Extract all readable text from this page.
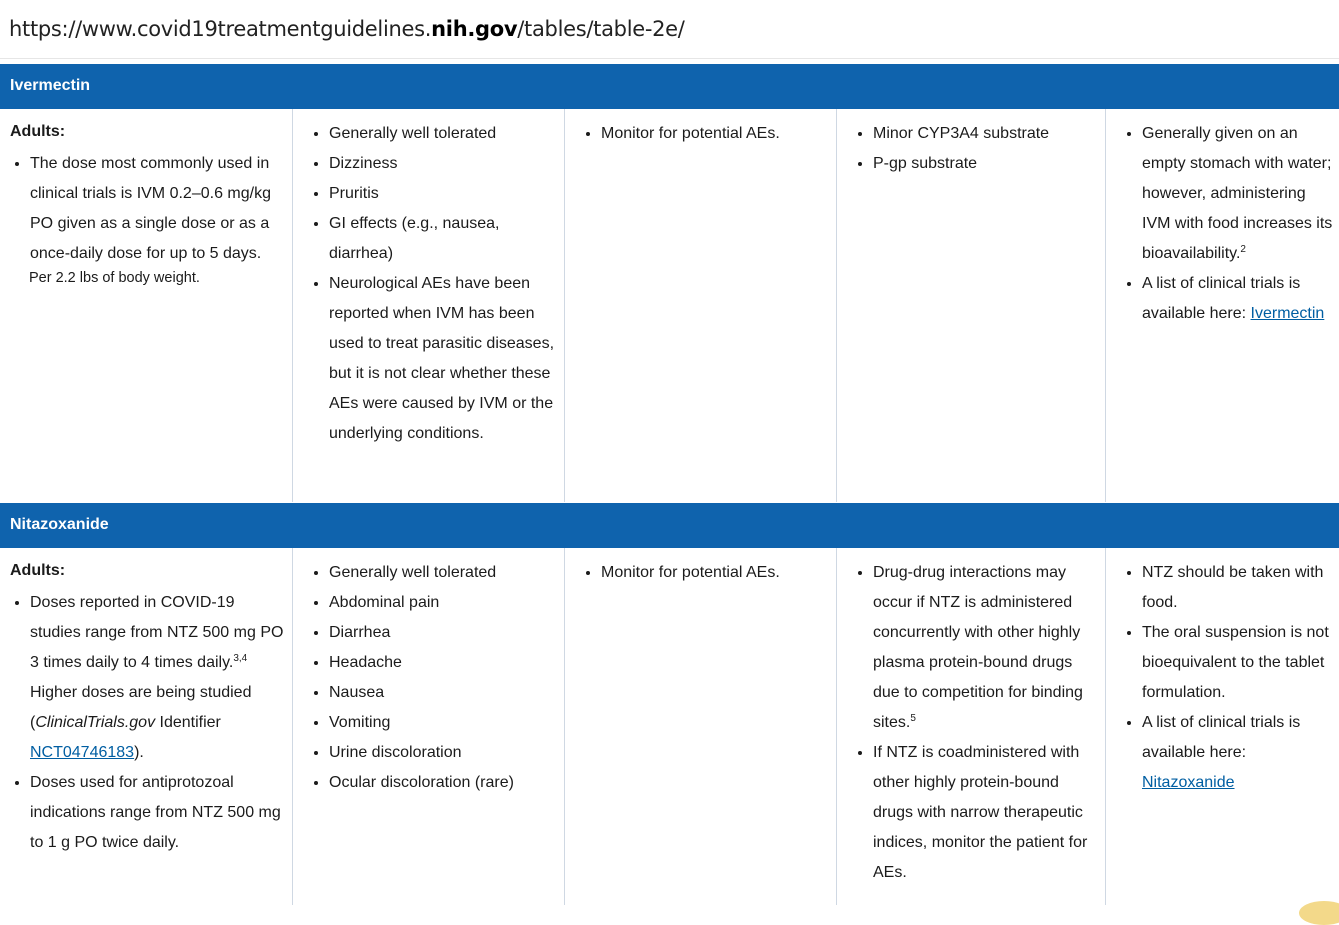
https://www.covid19treatmentguidelines.nih.gov/tables/table-2e/
Ivermectin
Adults:
• The dose most commonly used in clinical trials is IVM 0.2–0.6 mg/kg PO given as a single dose or as a once-daily dose for up to 5 days.
Per 2.2 lbs of body weight.
• Generally well tolerated
• Dizziness
• Pruritis
• GI effects (e.g., nausea, diarrhea)
• Neurological AEs have been reported when IVM has been used to treat parasitic diseases, but it is not clear whether these AEs were caused by IVM or the underlying conditions.
• Monitor for potential AEs.	• Minor CYP3A4 substrate
• P-gp substrate
• Generally given on an empty stomach with water; however, administering IVM with food increases its bioavailability.$^2$
• A list of clinical trials is available here: Ivermectin
Nitazoxanide
Adults:
• Doses reported in COVID-19 studies range from NTZ 500 mg PO 3 times daily to 4 times daily.$^{3,4}$ Higher doses are being studied (ClinicalTrials.gov Identifier NCT04746183).
• Doses used for antiprotozoal indications range from NTZ 500 mg to 1 g PO twice daily.
• Generally well tolerated
• Abdominal pain
• Diarrhea
• Headache
• Nausea
• Vomiting
• Urine discoloration
• Ocular discoloration (rare)
• Monitor for potential AEs.	• Drug-drug interactions may occur if NTZ is administered concurrently with other highly plasma protein-bound drugs due to competition for binding sites.$^5$
• If NTZ is coadministered with other highly protein-bound drugs with narrow therapeutic indices, monitor the patient for AEs.
• NTZ should be taken with food.
• The oral suspension is not bioequivalent to the tablet formulation.
• A list of clinical trials is available here: Nitazoxanide
